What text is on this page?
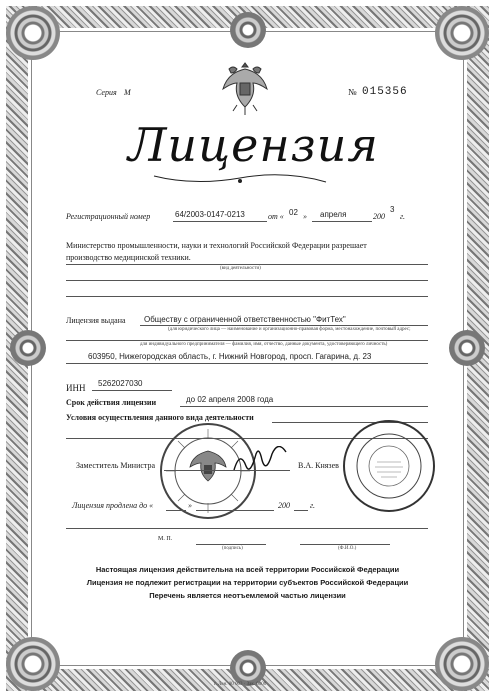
Серия М	№ 015356
Лицензия
Регистрационный номер	64/2003-0147-0213	от « 02 » апреля	200
3
г.
Министерство промышленности, науки и технологий Российской Федерации разрешает
производство медицинской техники.
(вид деятельности)
Лицензия выдана Обществу с ограниченной ответственностью "ФитТех"
(для юридического лица — наименование и организационно-правовая форма, местонахождение, почтовый адрес;
для индивидуального предпринимателя — фамилия, имя, отчество, данные документа, удостоверяющего личность)
603950, Нижегородская область, г. Нижний Новгород, просп. Гагарина, д. 23
ИНН 5262027030
Срок действия лицензии	до 02 апреля 2008 года
Условия осуществления данного вида деятельности
Заместитель Министра	В.А. Князев
Лицензия продлена до «	»	200	г.
М. П.
(подпись)	(Ф.И.О.)
Настоящая лицензия действительна на всей территории Российской Федерации
Лицензия не подлежит регистрации на территории субъектов Российской Федерации
Перечень является неотъемлемой частью лицензии
г. Лен. 00 003 · Зак. 0000
